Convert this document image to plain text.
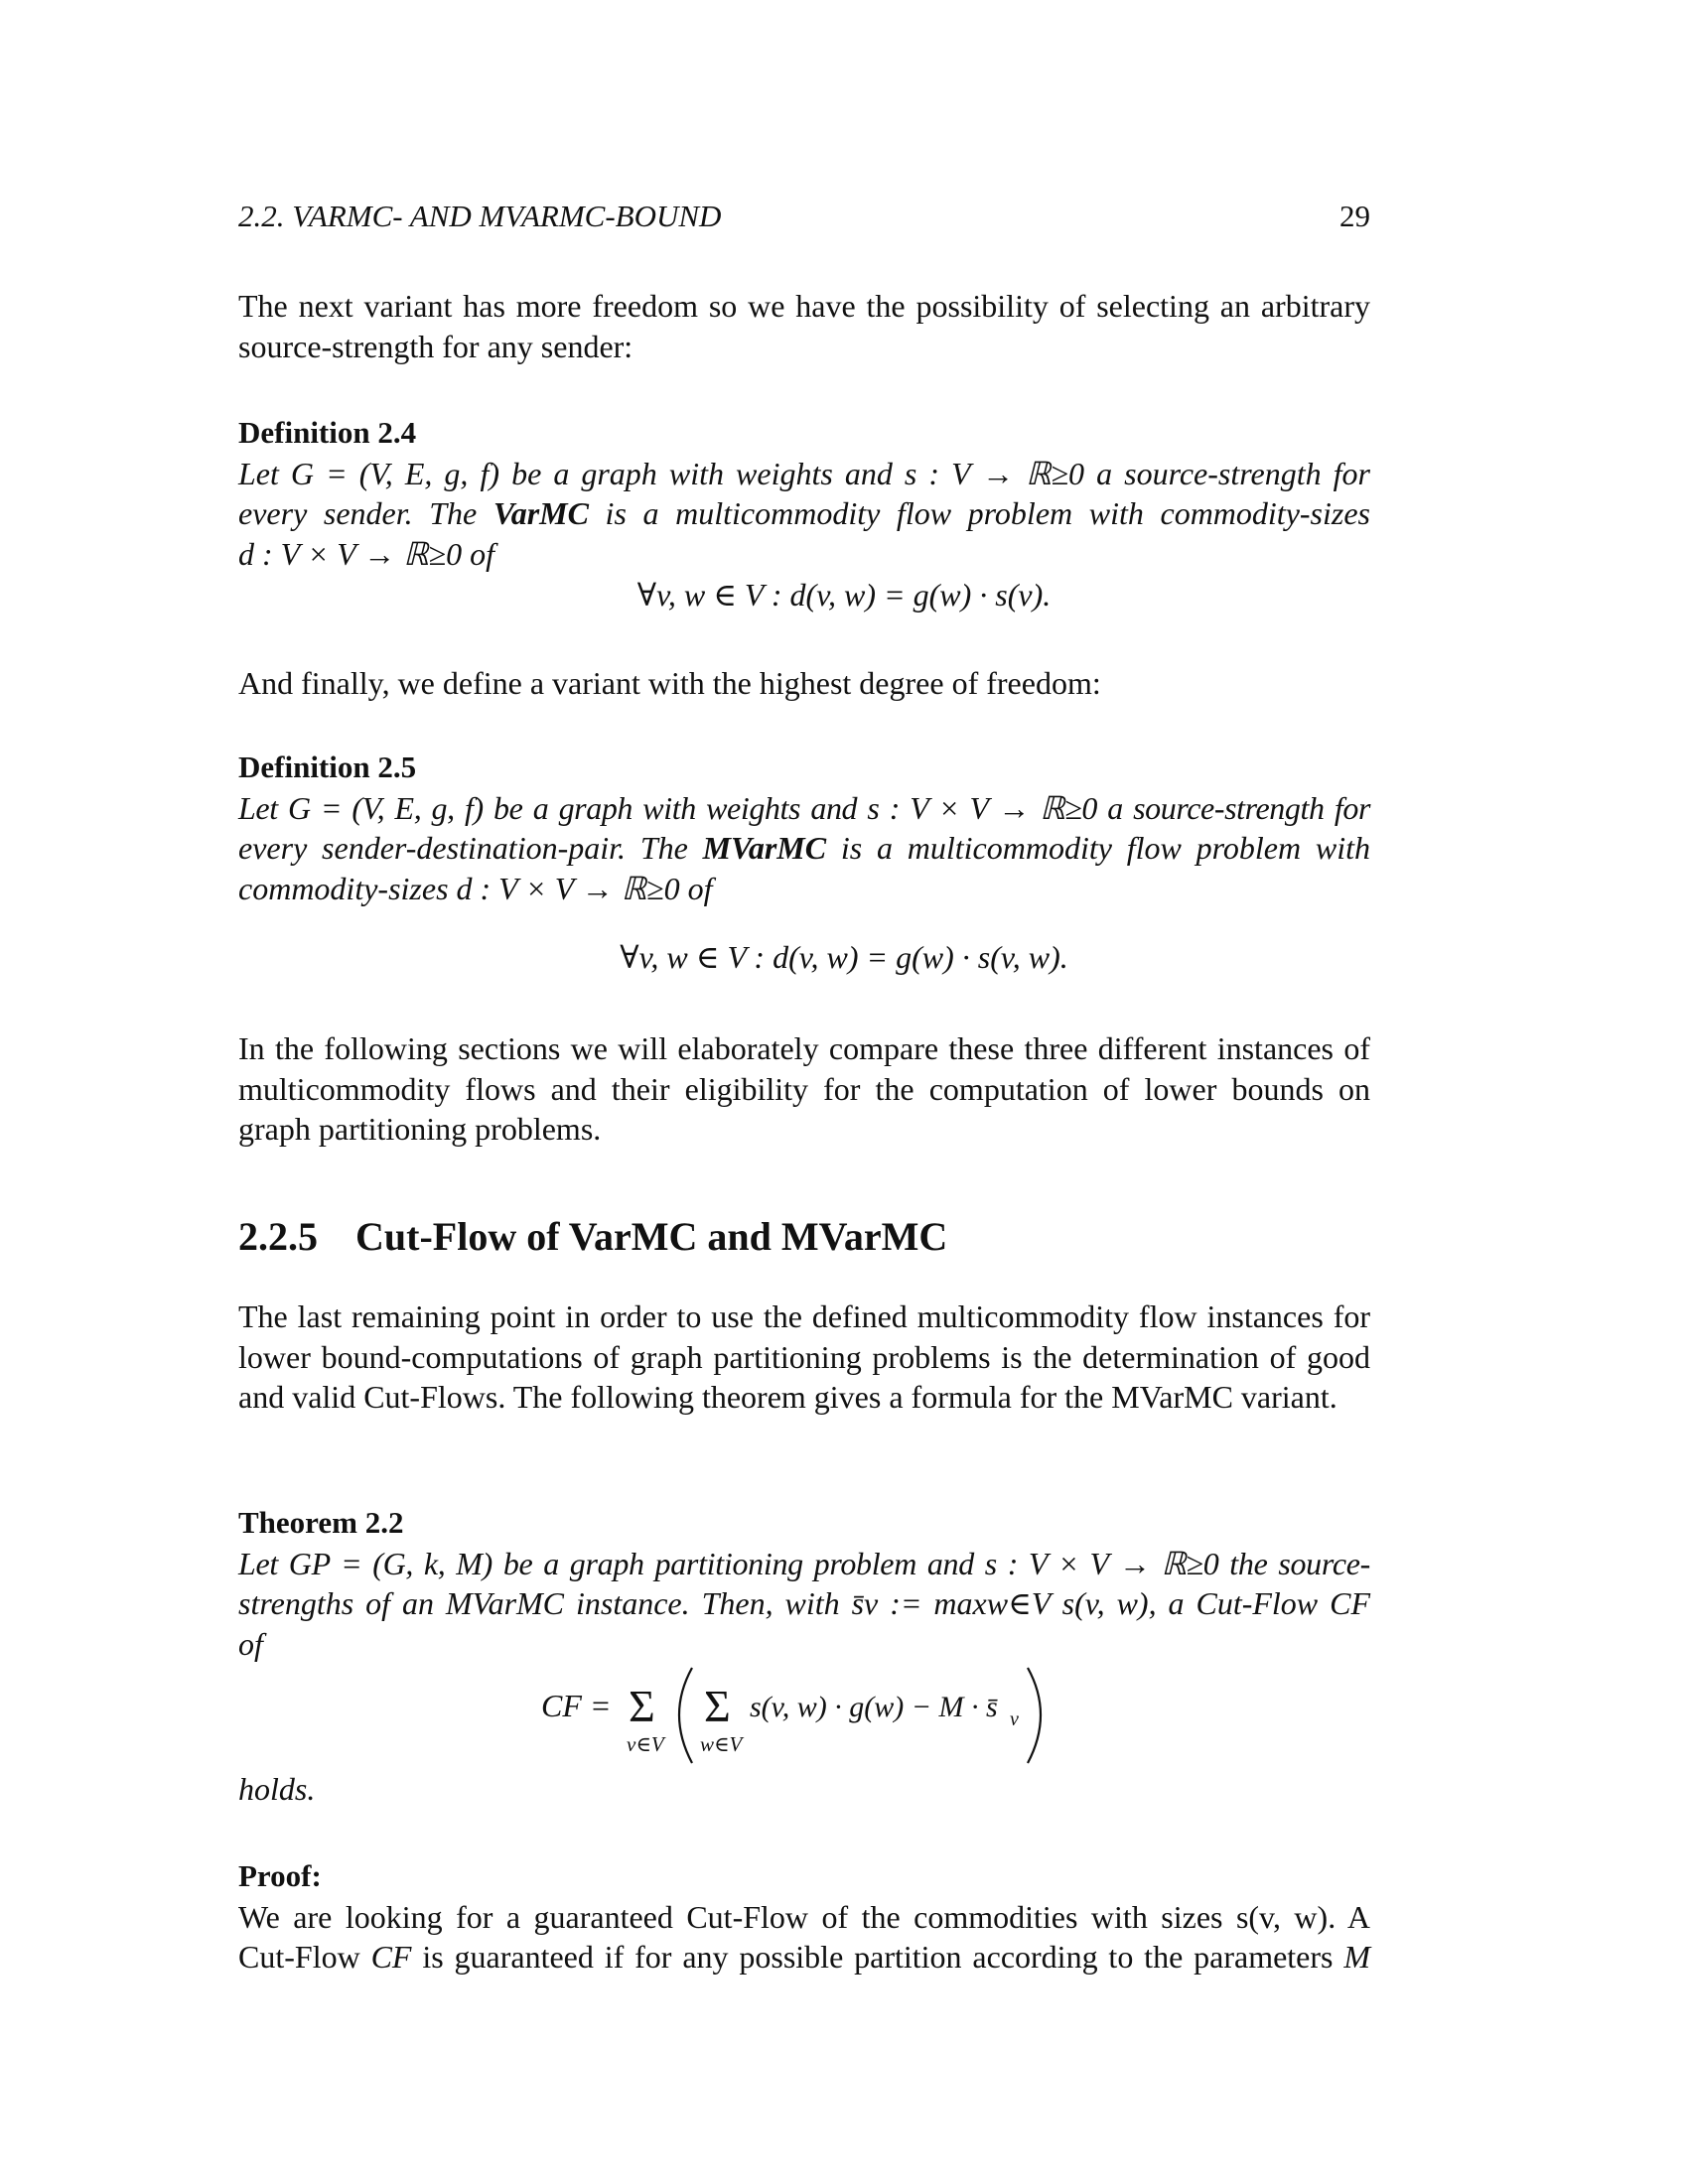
2.2. VARMC- AND MVARMC-BOUND	29
The next variant has more freedom so we have the possibility of selecting an arbitrary source-strength for any sender:
Definition 2.4
Let G = (V, E, g, f) be a graph with weights and s : V → ℝ≥0 a source-strength for
every sender. The VarMC is a multicommodity flow problem with commodity-sizes
d : V × V → ℝ≥0 of
∀v, w ∈ V : d(v, w) = g(w) · s(v).
And finally, we define a variant with the highest degree of freedom:
Definition 2.5
Let G = (V, E, g, f) be a graph with weights and s : V × V → ℝ≥0 a source-strength for
every sender-destination-pair. The MVarMC is a multicommodity flow problem with
commodity-sizes d : V × V → ℝ≥0 of
∀v, w ∈ V : d(v, w) = g(w) · s(v, w).
In the following sections we will elaborately compare these three different instances of multicommodity flows and their eligibility for the computation of lower bounds on graph partitioning problems.
2.2.5 Cut-Flow of VarMC and MVarMC
The last remaining point in order to use the defined multicommodity flow instances for lower bound-computations of graph partitioning problems is the determination of good and valid Cut-Flows. The following theorem gives a formula for the MVarMC variant.
Theorem 2.2
Let GP = (G, k, M) be a graph partitioning problem and s : V × V → ℝ≥0 the source-
strengths of an MVarMC instance. Then, with s̄v := maxw∈V s(v, w), a Cut-Flow CF
of
CF = Σ
v∈V
Σ
w∈V
s(v, w) · g(w) − M · s̄ v
holds.
Proof:
We are looking for a guaranteed Cut-Flow of the commodities with sizes s(v, w). A
Cut-Flow CF is guaranteed if for any possible partition according to the parameters M
